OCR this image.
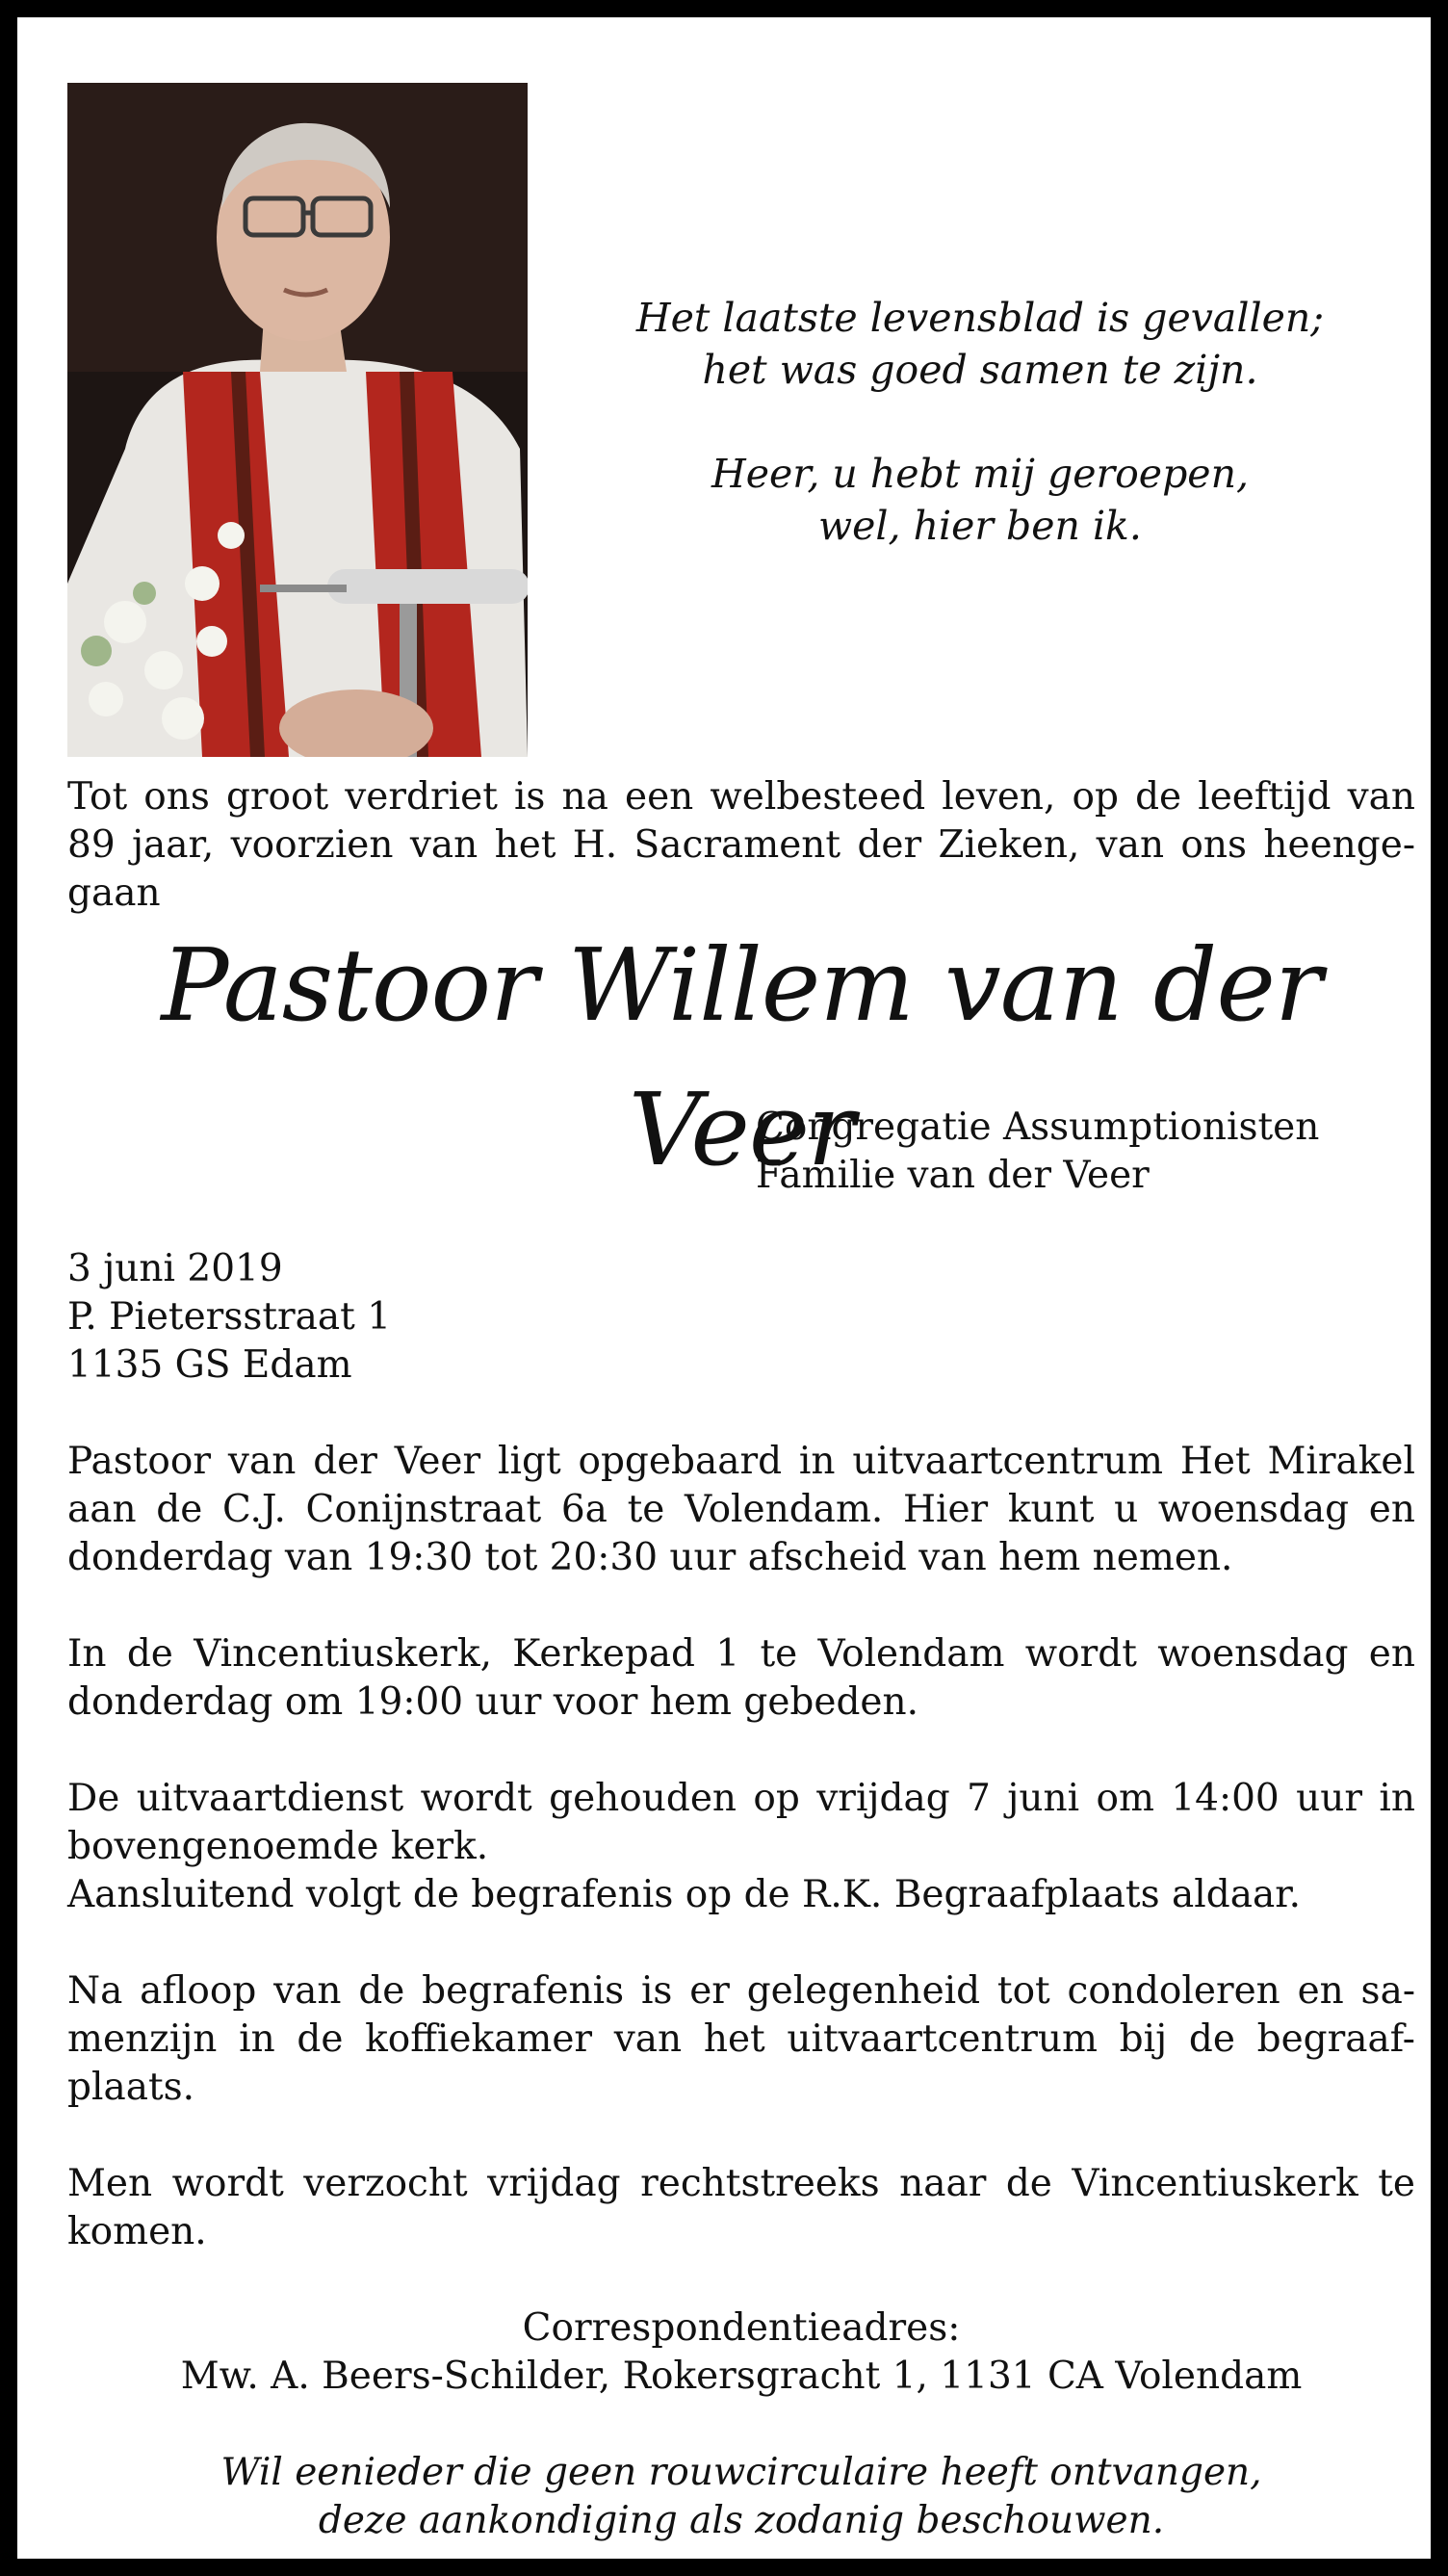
Het laatste levensblad is gevallen;
het was goed samen te zijn.
Heer, u hebt mij geroepen,
wel, hier ben ik.
Tot ons groot verdriet is na een welbesteed leven, op de leeftijd van
89 jaar, voorzien van het H. Sacrament der Zieken, van ons heenge-
gaan
Pastoor Willem van der Veer
Congregatie Assumptionisten
Familie van der Veer
3 juni 2019
P. Pietersstraat 1
1135 GS Edam
Pastoor van der Veer ligt opgebaard in uitvaartcentrum Het Mirakel
aan de C.J. Conijnstraat 6a te Volendam. Hier kunt u woensdag en
donderdag van 19:30 tot 20:30 uur afscheid van hem nemen.
In de Vincentiuskerk, Kerkepad 1 te Volendam wordt woensdag en
donderdag om 19:00 uur voor hem gebeden.
De uitvaartdienst wordt gehouden op vrijdag 7 juni om 14:00 uur in
bovengenoemde kerk.
Aansluitend volgt de begrafenis op de R.K. Begraafplaats aldaar.
Na afloop van de begrafenis is er gelegenheid tot condoleren en sa-
menzijn in de koffiekamer van het uitvaartcentrum bij de begraaf-
plaats.
Men wordt verzocht vrijdag rechtstreeks naar de Vincentiuskerk te
komen.
Correspondentieadres:
Mw. A. Beers-Schilder, Rokersgracht 1, 1131 CA Volendam
Wil eenieder die geen rouwcirculaire heeft ontvangen,
deze aankondiging als zodanig beschouwen.
